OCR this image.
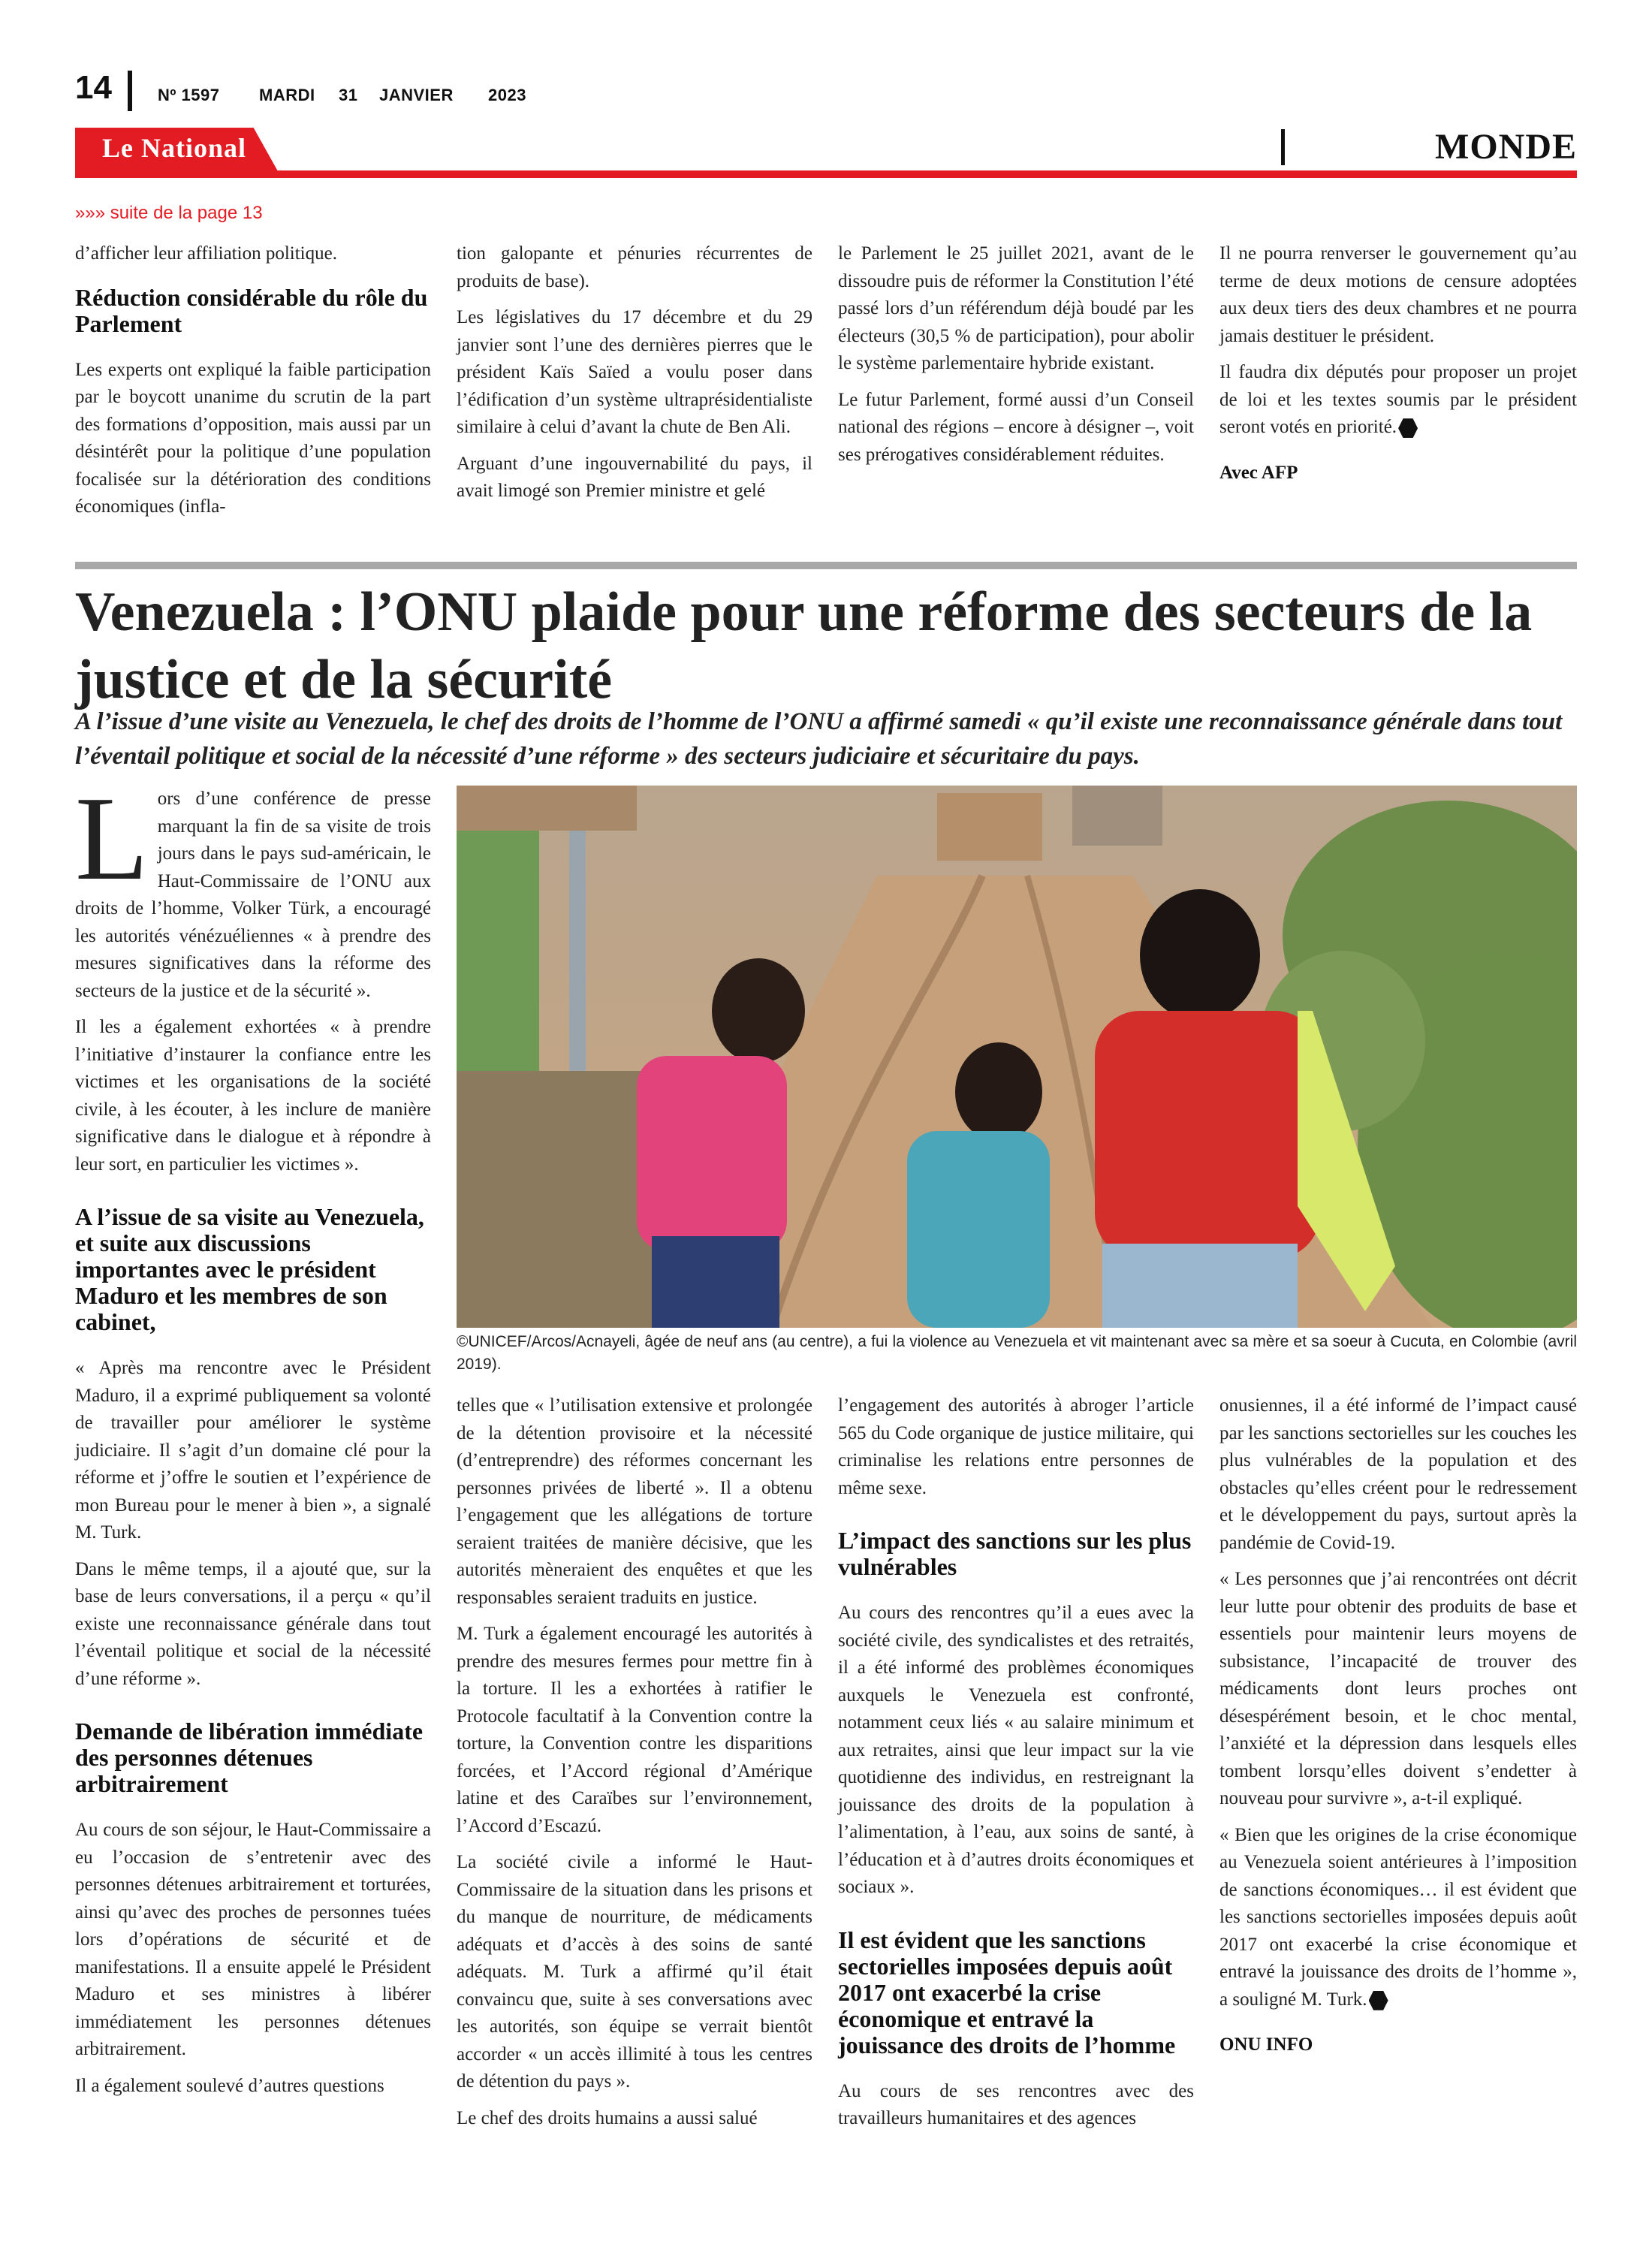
14	Nº 1597 MARDI 31 JANVIER 2023
Le National	MONDE
»»» suite de la page 13

d’afficher leur affiliation politique.

Réduction considérable du rôle du Parlement

Les experts ont expliqué la faible participation par le boycott unanime du scrutin de la part des formations d’opposition, mais aussi par un désintérêt pour la politique d’une population focalisée sur la détérioration des conditions économiques (infla-

tion galopante et pénuries récurrentes de produits de base).

Les législatives du 17 décembre et du 29 janvier sont l’une des dernières pierres que le président Kaïs Saïed a voulu poser dans l’édification d’un système ultraprésidentialiste similaire à celui d’avant la chute de Ben Ali.

Arguant d’une ingouvernabilité du pays, il avait limogé son Premier ministre et gelé

le Parlement le 25 juillet 2021, avant de le dissoudre puis de réformer la Constitution l’été passé lors d’un référendum déjà boudé par les électeurs (30,5 % de participation), pour abolir le système parlementaire hybride existant.

Le futur Parlement, formé aussi d’un Conseil national des régions – encore à désigner –, voit ses prérogatives considérablement réduites.

Il ne pourra renverser le gouvernement qu’au terme de deux motions de censure adoptées aux deux tiers des deux chambres et ne pourra jamais destituer le président.

Il faudra dix députés pour proposer un projet de loi et les textes soumis par le président seront votés en priorité.

Avec AFP
Venezuela : l’ONU plaide pour une réforme des secteurs de la justice et de la sécurité
A l’issue d’une visite au Venezuela, le chef des droits de l’homme de l’ONU a affirmé samedi « qu’il existe une reconnaissance générale dans tout l’éventail politique et social de la nécessité d’une réforme » des secteurs judiciaire et sécuritaire du pays.
©UNICEF/Arcos/Acnayeli, âgée de neuf ans (au centre), a fui la violence au Venezuela et vit maintenant avec sa mère et sa soeur à Cucuta, en Colombie (avril 2019).

Lors d’une conférence de presse marquant la fin de sa visite de trois jours dans le pays sud-américain, le Haut-Commissaire de l’ONU aux droits de l’homme, Volker Türk, a encouragé les autorités vénézuéliennes « à prendre des mesures significatives dans la réforme des secteurs de la justice et de la sécurité ».

Il les a également exhortées « à prendre l’initiative d’instaurer la confiance entre les victimes et les organisations de la société civile, à les écouter, à les inclure de manière significative dans le dialogue et à répondre à leur sort, en particulier les victimes ».

A l’issue de sa visite au Venezuela, et suite aux discussions importantes avec le président Maduro et les membres de son cabinet,

« Après ma rencontre avec le Président Maduro, il a exprimé publiquement sa volonté de travailler pour améliorer le système judiciaire. Il s’agit d’un domaine clé pour la réforme et j’offre le soutien et l’expérience de mon Bureau pour le mener à bien », a signalé M. Turk.

Dans le même temps, il a ajouté que, sur la base de leurs conversations, il a perçu « qu’il existe une reconnaissance générale dans tout l’éventail politique et social de la nécessité d’une réforme ».

Demande de libération immédiate des personnes détenues arbitrairement

Au cours de son séjour, le Haut-Commissaire a eu l’occasion de s’entretenir avec des personnes détenues arbitrairement et torturées, ainsi qu’avec des proches de personnes tuées lors d’opérations de sécurité et de manifestations. Il a ensuite appelé le Président Maduro et ses ministres à libérer immédiatement les personnes détenues arbitrairement.

Il a également soulevé d’autres questions

telles que « l’utilisation extensive et prolongée de la détention provisoire et la nécessité (d’entreprendre) des réformes concernant les personnes privées de liberté ». Il a obtenu l’engagement que les allégations de torture seraient traitées de manière décisive, que les autorités mèneraient des enquêtes et que les responsables seraient traduits en justice.

M. Turk a également encouragé les autorités à prendre des mesures fermes pour mettre fin à la torture. Il les a exhortées à ratifier le Protocole facultatif à la Convention contre la torture, la Convention contre les disparitions forcées, et l’Accord régional d’Amérique latine et des Caraïbes sur l’environnement, l’Accord d’Escazú.

La société civile a informé le Haut-Commissaire de la situation dans les prisons et du manque de nourriture, de médicaments adéquats et d’accès à des soins de santé adéquats. M. Turk a affirmé qu’il était convaincu que, suite à ses conversations avec les autorités, son équipe se verrait bientôt accorder « un accès illimité à tous les centres de détention du pays ».

Le chef des droits humains a aussi salué

l’engagement des autorités à abroger l’article 565 du Code organique de justice militaire, qui criminalise les relations entre personnes de même sexe.

L’impact des sanctions sur les plus vulnérables

Au cours des rencontres qu’il a eues avec la société civile, des syndicalistes et des retraités, il a été informé des problèmes économiques auxquels le Venezuela est confronté, notamment ceux liés « au salaire minimum et aux retraites, ainsi que leur impact sur la vie quotidienne des individus, en restreignant la jouissance des droits de la population à l’alimentation, à l’eau, aux soins de santé, à l’éducation et à d’autres droits économiques et sociaux ».

Il est évident que les sanctions sectorielles imposées depuis août 2017 ont exacerbé la crise économique et entravé la jouissance des droits de l’homme

Au cours de ses rencontres avec des travailleurs humanitaires et des agences

onusiennes, il a été informé de l’impact causé par les sanctions sectorielles sur les couches les plus vulnérables de la population et des obstacles qu’elles créent pour le redressement et le développement du pays, surtout après la pandémie de Covid-19.

« Les personnes que j’ai rencontrées ont décrit leur lutte pour obtenir des produits de base et essentiels pour maintenir leurs moyens de subsistance, l’incapacité de trouver des médicaments dont leurs proches ont désespérément besoin, et le choc mental, l’anxiété et la dépression dans lesquels elles tombent lorsqu’elles doivent s’endetter à nouveau pour survivre », a-t-il expliqué.

« Bien que les origines de la crise économique au Venezuela soient antérieures à l’imposition de sanctions économiques… il est évident que les sanctions sectorielles imposées depuis août 2017 ont exacerbé la crise économique et entravé la jouissance des droits de l’homme », a souligné M. Turk.

ONU INFO
